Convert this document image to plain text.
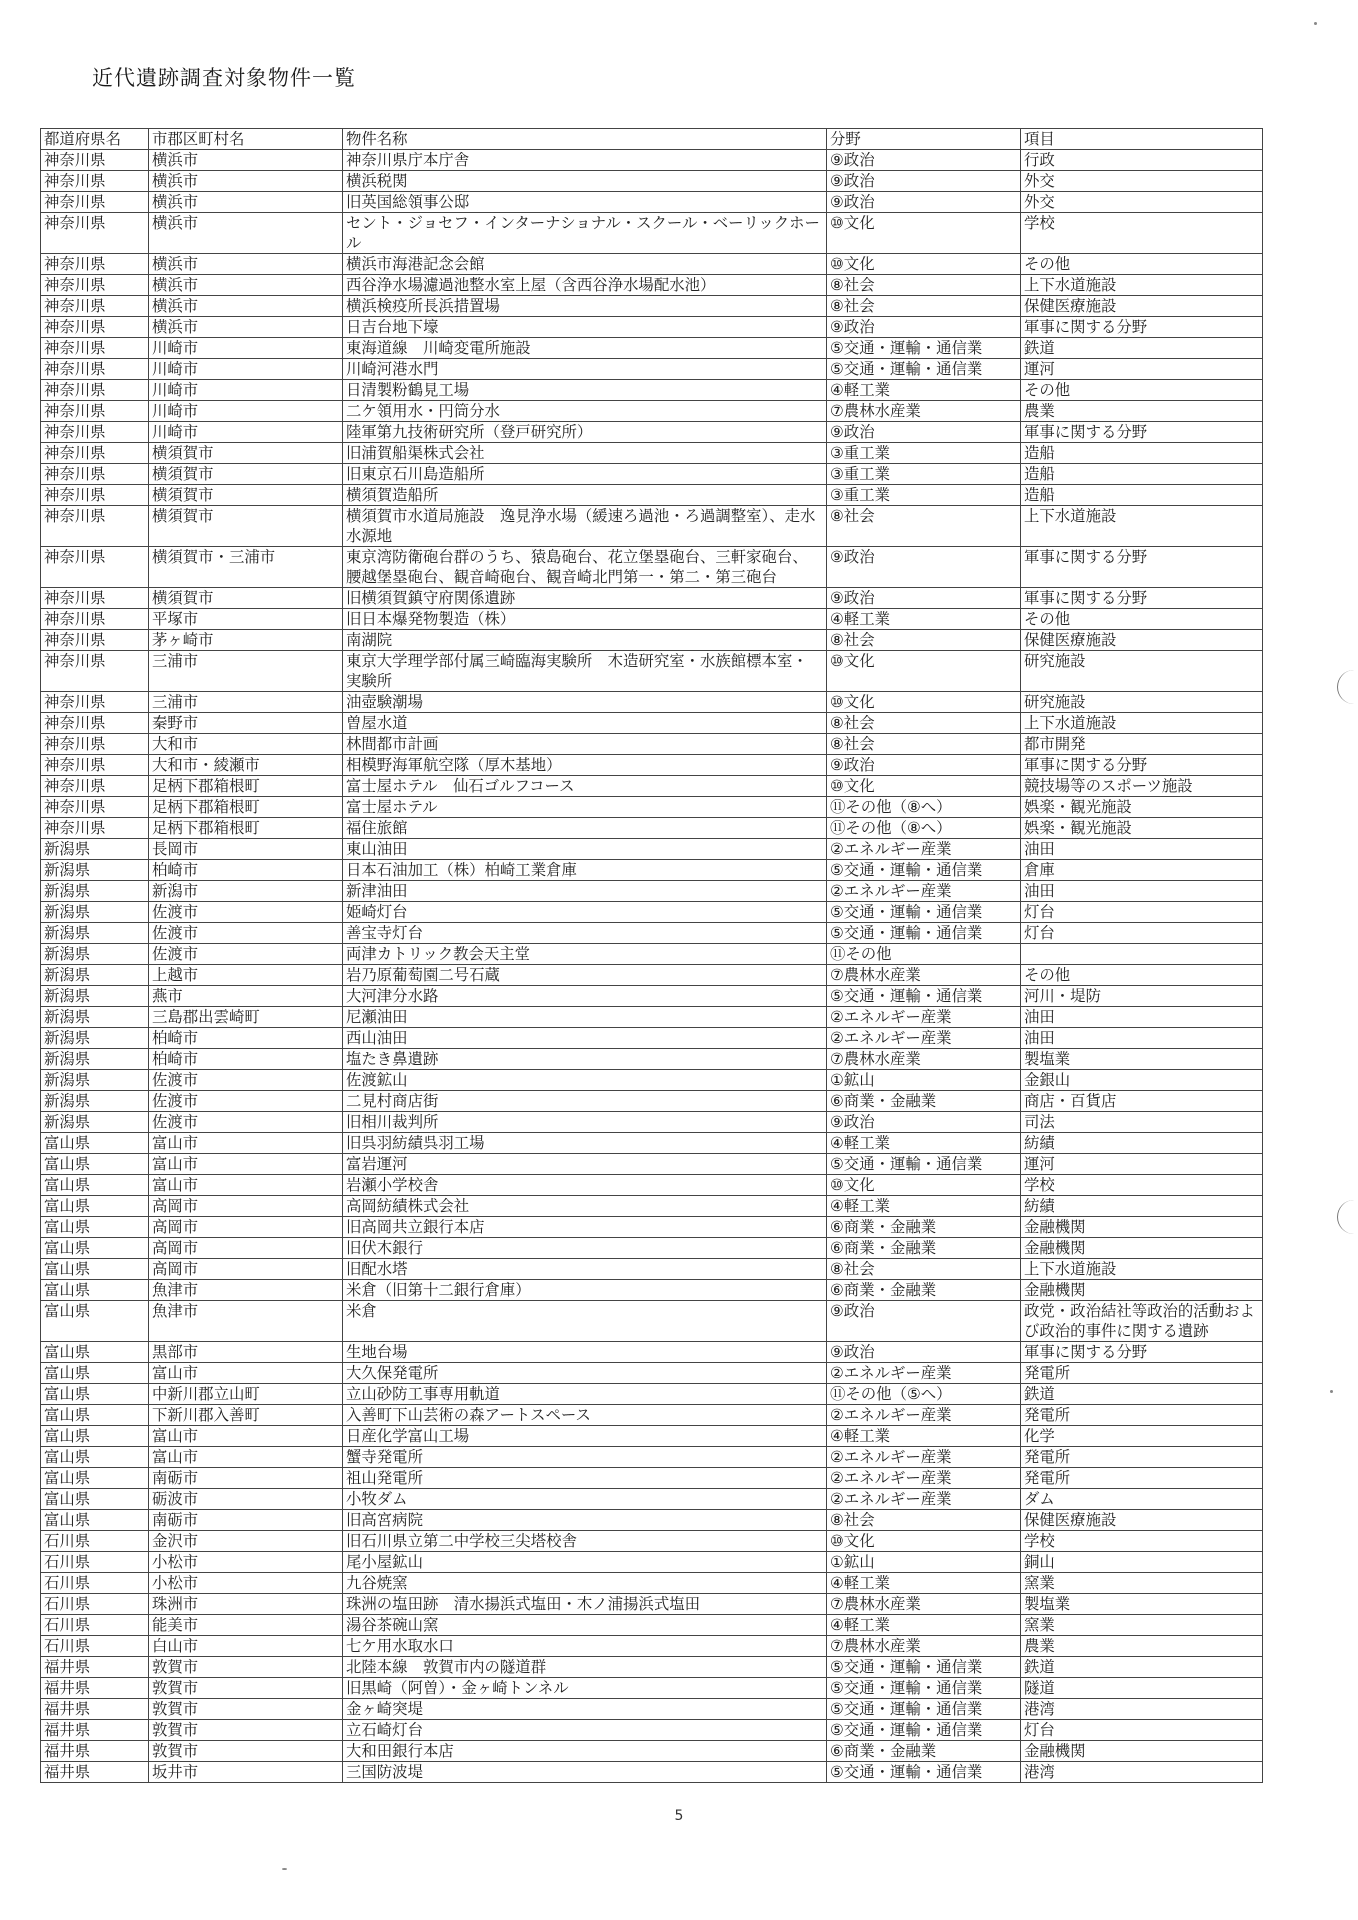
近代遺跡調査対象物件一覧
都道府県名	市郡区町村名	物件名称	分野	項目
神奈川県	横浜市	神奈川県庁本庁舎	⑨政治	行政
神奈川県	横浜市	横浜税関	⑨政治	外交
神奈川県	横浜市	旧英国総領事公邸	⑨政治	外交
神奈川県	横浜市	セント・ジョセフ・インターナショナル・スクール・ベーリックホール	⑩文化	学校
神奈川県	横浜市	横浜市海港記念会館	⑩文化	その他
神奈川県	横浜市	西谷浄水場濾過池整水室上屋（含西谷浄水場配水池）	⑧社会	上下水道施設
神奈川県	横浜市	横浜検疫所長浜措置場	⑧社会	保健医療施設
神奈川県	横浜市	日吉台地下壕	⑨政治	軍事に関する分野
神奈川県	川崎市	東海道線　川崎変電所施設	⑤交通・運輸・通信業	鉄道
神奈川県	川崎市	川崎河港水門	⑤交通・運輸・通信業	運河
神奈川県	川崎市	日清製粉鶴見工場	④軽工業	その他
神奈川県	川崎市	二ケ領用水・円筒分水	⑦農林水産業	農業
神奈川県	川崎市	陸軍第九技術研究所（登戸研究所）	⑨政治	軍事に関する分野
神奈川県	横須賀市	旧浦賀船渠株式会社	③重工業	造船
神奈川県	横須賀市	旧東京石川島造船所	③重工業	造船
神奈川県	横須賀市	横須賀造船所	③重工業	造船
神奈川県	横須賀市	横須賀市水道局施設　逸見浄水場（緩速ろ過池・ろ過調整室）、走水水源地	⑧社会	上下水道施設
神奈川県	横須賀市・三浦市	東京湾防衛砲台群のうち、猿島砲台、花立堡塁砲台、三軒家砲台、腰越堡塁砲台、観音崎砲台、観音崎北門第一・第二・第三砲台	⑨政治	軍事に関する分野
神奈川県	横須賀市	旧横須賀鎮守府関係遺跡	⑨政治	軍事に関する分野
神奈川県	平塚市	旧日本爆発物製造（株）	④軽工業	その他
神奈川県	茅ヶ崎市	南湖院	⑧社会	保健医療施設
神奈川県	三浦市	東京大学理学部付属三崎臨海実験所　木造研究室・水族館標本室・実験所	⑩文化	研究施設
神奈川県	三浦市	油壺験潮場	⑩文化	研究施設
神奈川県	秦野市	曽屋水道	⑧社会	上下水道施設
神奈川県	大和市	林間都市計画	⑧社会	都市開発
神奈川県	大和市・綾瀬市	相模野海軍航空隊（厚木基地）	⑨政治	軍事に関する分野
神奈川県	足柄下郡箱根町	富士屋ホテル　仙石ゴルフコース	⑩文化	競技場等のスポーツ施設
神奈川県	足柄下郡箱根町	富士屋ホテル	⑪その他（⑧へ）	娯楽・観光施設
神奈川県	足柄下郡箱根町	福住旅館	⑪その他（⑧へ）	娯楽・観光施設
新潟県	長岡市	東山油田	②エネルギー産業	油田
新潟県	柏崎市	日本石油加工（株）柏崎工業倉庫	⑤交通・運輸・通信業	倉庫
新潟県	新潟市	新津油田	②エネルギー産業	油田
新潟県	佐渡市	姫崎灯台	⑤交通・運輸・通信業	灯台
新潟県	佐渡市	善宝寺灯台	⑤交通・運輸・通信業	灯台
新潟県	佐渡市	両津カトリック教会天主堂	⑪その他	
新潟県	上越市	岩乃原葡萄園二号石蔵	⑦農林水産業	その他
新潟県	燕市	大河津分水路	⑤交通・運輸・通信業	河川・堤防
新潟県	三島郡出雲崎町	尼瀬油田	②エネルギー産業	油田
新潟県	柏崎市	西山油田	②エネルギー産業	油田
新潟県	柏崎市	塩たき鼻遺跡	⑦農林水産業	製塩業
新潟県	佐渡市	佐渡鉱山	①鉱山	金銀山
新潟県	佐渡市	二見村商店街	⑥商業・金融業	商店・百貨店
新潟県	佐渡市	旧相川裁判所	⑨政治	司法
富山県	富山市	旧呉羽紡績呉羽工場	④軽工業	紡績
富山県	富山市	富岩運河	⑤交通・運輸・通信業	運河
富山県	富山市	岩瀬小学校舎	⑩文化	学校
富山県	高岡市	高岡紡績株式会社	④軽工業	紡績
富山県	高岡市	旧高岡共立銀行本店	⑥商業・金融業	金融機関
富山県	高岡市	旧伏木銀行	⑥商業・金融業	金融機関
富山県	高岡市	旧配水塔	⑧社会	上下水道施設
富山県	魚津市	米倉（旧第十二銀行倉庫）	⑥商業・金融業	金融機関
富山県	魚津市	米倉	⑨政治	政党・政治結社等政治的活動および政治的事件に関する遺跡
富山県	黒部市	生地台場	⑨政治	軍事に関する分野
富山県	富山市	大久保発電所	②エネルギー産業	発電所
富山県	中新川郡立山町	立山砂防工事専用軌道	⑪その他（⑤へ）	鉄道
富山県	下新川郡入善町	入善町下山芸術の森アートスペース	②エネルギー産業	発電所
富山県	富山市	日産化学富山工場	④軽工業	化学
富山県	富山市	蟹寺発電所	②エネルギー産業	発電所
富山県	南砺市	祖山発電所	②エネルギー産業	発電所
富山県	砺波市	小牧ダム	②エネルギー産業	ダム
富山県	南砺市	旧高宮病院	⑧社会	保健医療施設
石川県	金沢市	旧石川県立第二中学校三尖塔校舎	⑩文化	学校
石川県	小松市	尾小屋鉱山	①鉱山	銅山
石川県	小松市	九谷焼窯	④軽工業	窯業
石川県	珠洲市	珠洲の塩田跡　清水揚浜式塩田・木ノ浦揚浜式塩田	⑦農林水産業	製塩業
石川県	能美市	湯谷茶碗山窯	④軽工業	窯業
石川県	白山市	七ケ用水取水口	⑦農林水産業	農業
福井県	敦賀市	北陸本線　敦賀市内の隧道群	⑤交通・運輸・通信業	鉄道
福井県	敦賀市	旧黒崎（阿曽）・金ヶ崎トンネル	⑤交通・運輸・通信業	隧道
福井県	敦賀市	金ヶ崎突堤	⑤交通・運輸・通信業	港湾
福井県	敦賀市	立石崎灯台	⑤交通・運輸・通信業	灯台
福井県	敦賀市	大和田銀行本店	⑥商業・金融業	金融機関
福井県	坂井市	三国防波堤	⑤交通・運輸・通信業	港湾
5
